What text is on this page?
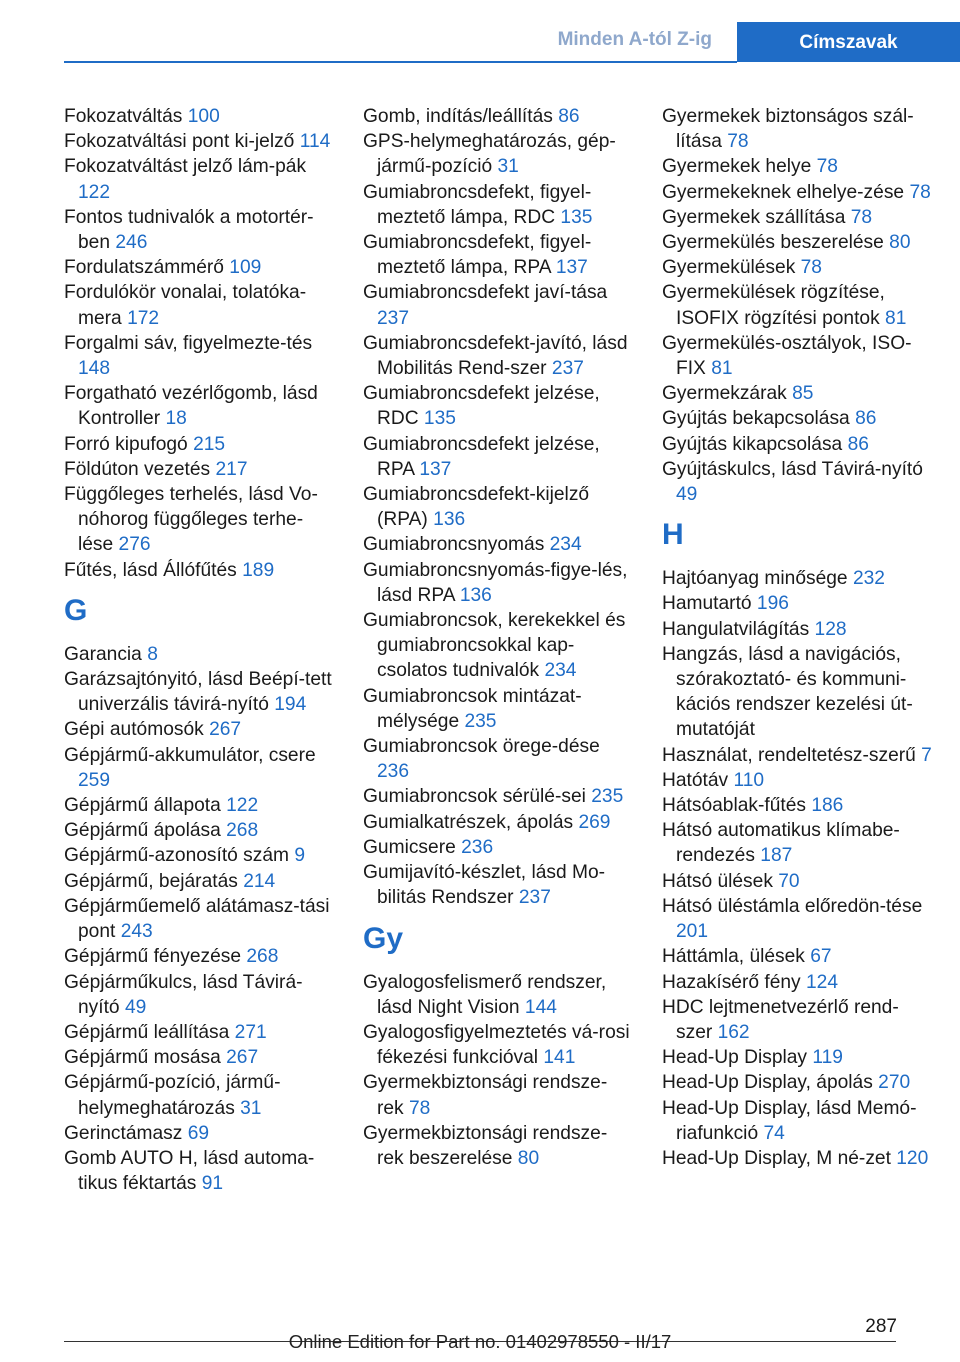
Minden A-tól Z-ig	Címszavak
Fokozatváltás 100
Fokozatváltási pont ki-jelző 114
Fokozatváltást jelző lám-pák 122
Fontos tudnivalók a motortér-ben 246
Fordulatszámmérő 109
Fordulókör vonalai, tolatóka-mera 172
Forgalmi sáv, figyelmezte-tés 148
Forgatható vezérlőgomb, lásd Kontroller 18
Forró kipufogó 215
Földúton vezetés 217
Függőleges terhelés, lásd Vo-nóhorog függőleges terhe-lése 276
Fűtés, lásd Állófűtés 189
G
Garancia 8
Garázsajtónyitó, lásd Beépí-tett univerzális távirá-nyító 194
Gépi autómosók 267
Gépjármű-akkumulátor, csere 259
Gépjármű állapota 122
Gépjármű ápolása 268
Gépjármű-azonosító szám 9
Gépjármű, bejáratás 214
Gépjárműemelő alátámasz-tási pont 243
Gépjármű fényezése 268
Gépjárműkulcs, lásd Távirá-nyító 49
Gépjármű leállítása 271
Gépjármű mosása 267
Gépjármű-pozíció, jármű-helymeghatározás 31
Gerinctámasz 69
Gomb AUTO H, lásd automa-tikus féktartás 91
Gomb, indítás/leállítás 86
GPS-helymeghatározás, gép-jármű-pozíció 31
Gumiabroncsdefekt, figyel-meztető lámpa, RDC 135
Gumiabroncsdefekt, figyel-meztető lámpa, RPA 137
Gumiabroncsdefekt javí-tása 237
Gumiabroncsdefekt-javító, lásd Mobilitás Rend-szer 237
Gumiabroncsdefekt jelzése, RDC 135
Gumiabroncsdefekt jelzése, RPA 137
Gumiabroncsdefekt-kijelző (RPA) 136
Gumiabroncsnyomás 234
Gumiabroncsnyomás-figye-lés, lásd RPA 136
Gumiabroncsok, kerekekkel és gumiabroncsokkal kap-csolatos tudnivalók 234
Gumiabroncsok mintázat-mélysége 235
Gumiabroncsok örege-dése 236
Gumiabroncsok sérülé-sei 235
Gumialkatrészek, ápolás 269
Gumicsere 236
Gumijavító-készlet, lásd Mo-bilitás Rendszer 237
Gy
Gyalogosfelismerő rendszer, lásd Night Vision 144
Gyalogosfigyelmeztetés vá-rosi fékezési funkcióval 141
Gyermekbiztonsági rendsze-rek 78
Gyermekbiztonsági rendsze-rek beszerelése 80
Gyermekek biztonságos szál-lítása 78
Gyermekek helye 78
Gyermekeknek elhelye-zése 78
Gyermekek szállítása 78
Gyermekülés beszerelése 80
Gyermekülések 78
Gyermekülések rögzítése, ISOFIX rögzítési pontok 81
Gyermekülés-osztályok, ISO-FIX 81
Gyermekzárak 85
Gyújtás bekapcsolása 86
Gyújtás kikapcsolása 86
Gyújtáskulcs, lásd Távirá-nyító 49
H
Hajtóanyag minősége 232
Hamutartó 196
Hangulatvilágítás 128
Hangzás, lásd a navigációs, szórakoztató- és kommuni-kációs rendszer kezelési út-mutatóját
Használat, rendeltetész-szerű 7
Hatótáv 110
Hátsóablak-fűtés 186
Hátsó automatikus klímabe-rendezés 187
Hátsó ülések 70
Hátsó üléstámla előredön-tése 201
Háttámla, ülések 67
Hazakísérő fény 124
HDC lejtmenetvezérlő rend-szer 162
Head-Up Display 119
Head-Up Display, ápolás 270
Head-Up Display, lásd Memó-riafunkció 74
Head-Up Display, M né-zet 120
287
Online Edition for Part no. 01402978550 - II/17
